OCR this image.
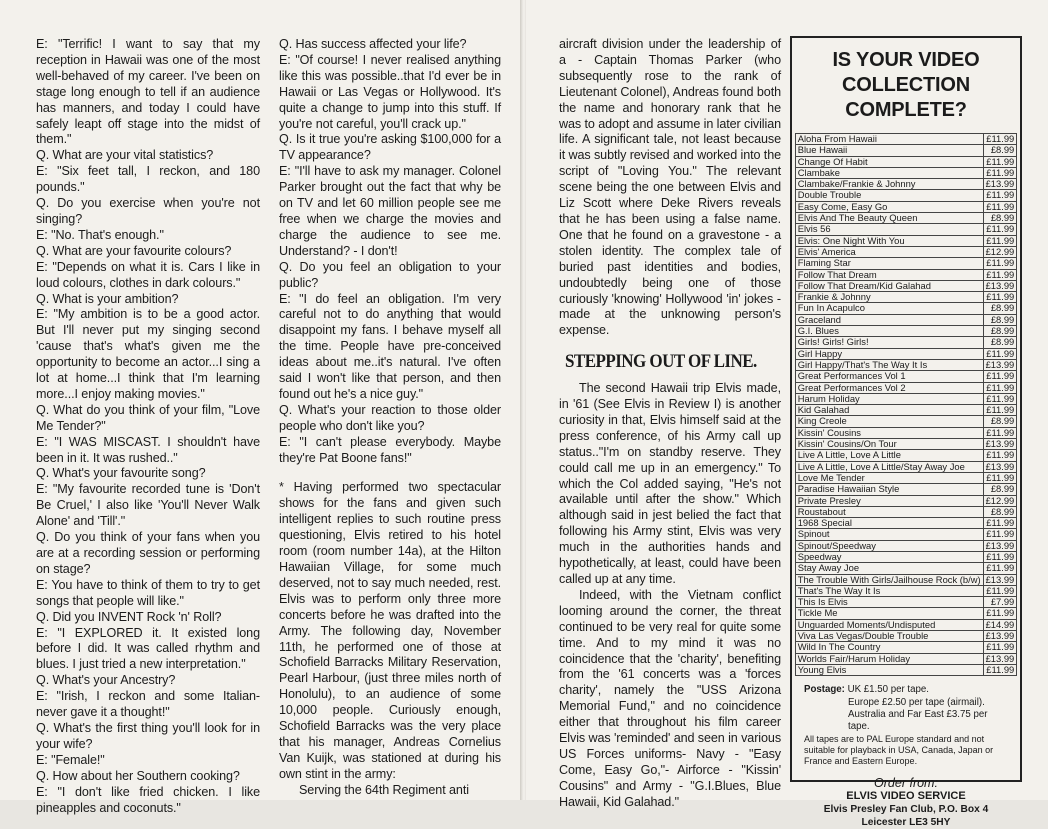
E: "Terrific! I want to say that my reception in Hawaii was one of the most well-behaved of my career. I've been on stage long enough to tell if an audience has manners, and today I could have safely leapt off stage into the midst of them."

Q. What are your vital statistics?

E: "Six feet tall, I reckon, and 180 pounds."

Q. Do you exercise when you're not singing?

E: "No. That's enough."

Q. What are your favourite colours?

E: "Depends on what it is. Cars I like in loud colours, clothes in dark colours."

Q. What is your ambition?

E: "My ambition is to be a good actor. But I'll never put my singing second 'cause that's what's given me the opportunity to become an actor...I sing a lot at home...I think that I'm learning more...I enjoy making movies."

Q. What do you think of your film, "Love Me Tender?"

E: "I WAS MISCAST. I shouldn't have been in it. It was rushed.."

Q. What's your favourite song?

E: "My favourite recorded tune is 'Don't Be Cruel,' I also like 'You'll Never Walk Alone' and 'Till'."

Q. Do you think of your fans when you are at a recording session or performing on stage?

E: You have to think of them to try to get songs that people will like."

Q. Did you INVENT Rock 'n' Roll?

E: "I EXPLORED it. It existed long before I did. It was called rhythm and blues. I just tried a new interpretation."

Q. What's your Ancestry?

E: "Irish, I reckon and some Italian- never gave it a thought!"

Q. What's the first thing you'll look for in your wife?

E: "Female!"

Q. How about her Southern cooking?

E: "I don't like fried chicken. I like pineapples and coconuts."

Q. Has success affected your life?

E: "Of course! I never realised anything like this was possible..that I'd ever be in Hawaii or Las Vegas or Hollywood. It's quite a change to jump into this stuff. If you're not careful, you'll crack up."

Q. Is it true you're asking $100,000 for a TV appearance?

E: "I'll have to ask my manager. Colonel Parker brought out the fact that why be on TV and let 60 million people see me free when we charge the movies and charge the audience to see me. Understand? - I don't!

Q. Do you feel an obligation to your public?

E: "I do feel an obligation. I'm very careful not to do anything that would disappoint my fans. I behave myself all the time. People have pre-conceived ideas about me..it's natural. I've often said I won't like that person, and then found out he's a nice guy."

Q. What's your reaction to those older people who don't like you?

E: "I can't please everybody. Maybe they're Pat Boone fans!"

* Having performed two spectacular shows for the fans and given such intelligent replies to such routine press questioning, Elvis retired to his hotel room (room number 14a), at the Hilton Hawaiian Village, for some much deserved, not to say much needed, rest. Elvis was to perform only three more concerts before he was drafted into the Army. The following day, November 11th, he performed one of those at Schofield Barracks Military Reservation, Pearl Harbour, (just three miles north of Honolulu), to an audience of some 10,000 people. Curiously enough, Schofield Barracks was the very place that his manager, Andreas Cornelius Van Kuijk, was stationed at during his own stint in the army:

Serving the 64th Regiment anti

aircraft division under the leadership of a - Captain Thomas Parker (who subsequently rose to the rank of Lieutenant Colonel), Andreas found both the name and honorary rank that he was to adopt and assume in later civilian life. A significant tale, not least because it was subtly revised and worked into the script of "Loving You." The relevant scene being the one between Elvis and Liz Scott where Deke Rivers reveals that he has been using a false name. One that he found on a gravestone - a stolen identity. The complex tale of buried past identities and bodies, undoubtedly being one of those curiously 'knowing' Hollywood 'in' jokes - made at the unknowing person's expense.

STEPPING OUT OF LINE.

The second Hawaii trip Elvis made, in '61 (See Elvis in Review I) is another curiosity in that, Elvis himself said at the press conference, of his Army call up status.."I'm on standby reserve. They could call me up in an emergency." To which the Col added saying, "He's not available until after the show." Which although said in jest belied the fact that following his Army stint, Elvis was very much in the authorities hands and hypothetically, at least, could have been called up at any time.

Indeed, with the Vietnam conflict looming around the corner, the threat continued to be very real for quite some time. And to my mind it was no coincidence that the 'charity', benefiting from the '61 concerts was a 'forces charity', namely the "USS Arizona Memorial Fund," and no coincidence either that throughout his film career Elvis was 'reminded' and seen in various US Forces uniforms- Navy - "Easy Come, Easy Go,"- Airforce - "Kissin' Cousins" and Army - "G.I.Blues, Blue Hawaii, Kid Galahad."

IS YOUR VIDEO
COLLECTION COMPLETE?
Aloha From Hawaii	£11.99
Blue Hawaii	£8.99
Change Of Habit	£11.99
Clambake	£11.99
Clambake/Frankie & Johnny	£13.99
Double Trouble	£11.99
Easy Come, Easy Go	£11.99
Elvis And The Beauty Queen	£8.99
Elvis 56	£11.99
Elvis: One Night With You	£11.99
Elvis' America	£12.99
Flaming Star	£11.99
Follow That Dream	£11.99
Follow That Dream/Kid Galahad	£13.99
Frankie & Johnny	£11.99
Fun In Acapulco	£8.99
Graceland	£8.99
G.I. Blues	£8.99
Girls! Girls! Girls!	£8.99
Girl Happy	£11.99
Girl Happy/That's The Way It Is	£13.99
Great Performances Vol 1	£11.99
Great Performances Vol 2	£11.99
Harum Holiday	£11.99
Kid Galahad	£11.99
King Creole	£8.99
Kissin' Cousins	£11.99
Kissin' Cousins/On Tour	£13.99
Live A Little, Love A Little	£11.99
Live A Little, Love A Little/Stay Away Joe	£13.99
Love Me Tender	£11.99
Paradise Hawaiian Style	£8.99
Private Presley	£12.99
Roustabout	£8.99
1968 Special	£11.99
Spinout	£11.99
Spinout/Speedway	£13.99
Speedway	£11.99
Stay Away Joe	£11.99
The Trouble With Girls/Jailhouse Rock (b/w)	£13.99
That's The Way It Is	£11.99
This Is Elvis	£7.99
Tickle Me	£11.99
Unguarded Moments/Undisputed	£14.99
Viva Las Vegas/Double Trouble	£13.99
Wild In The Country	£11.99
Worlds Fair/Harum Holiday	£13.99
Young Elvis	£11.99
Postage: UK £1.50 per tape.
Europe £2.50 per tape (airmail).
Australia and Far East £3.75 per tape.
All tapes are to PAL Europe standard and not suitable for playback in USA, Canada, Japan or France and Eastern Europe.
Order from:
ELVIS VIDEO SERVICE
Elvis Presley Fan Club, P.O. Box 4
Leicester LE3 5HY
